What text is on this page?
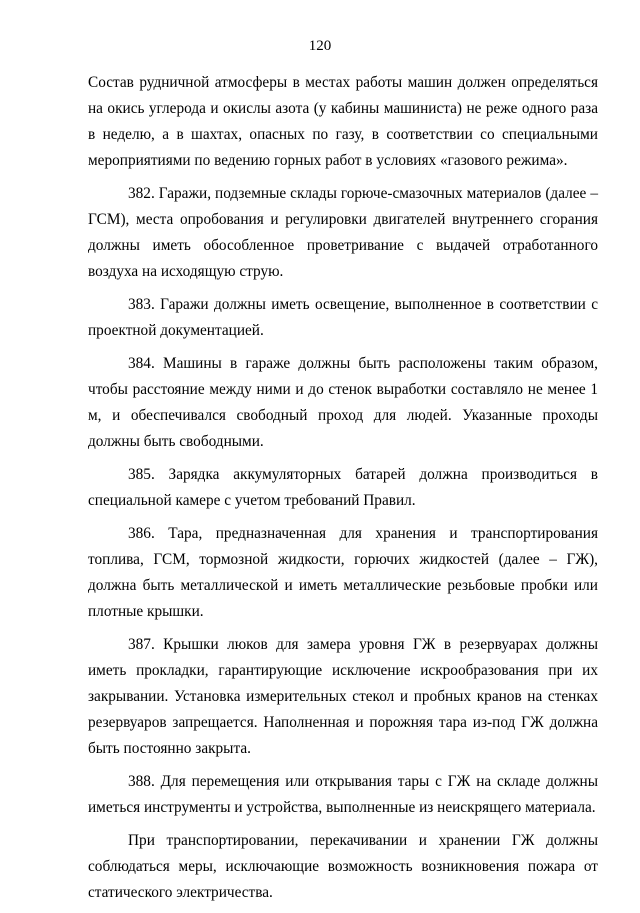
120

Состав рудничной атмосферы в местах работы машин должен определяться на окись углерода и окислы азота (у кабины машиниста) не реже одного раза в неделю, а в шахтах, опасных по газу, в соответствии со специальными мероприятиями по ведению горных работ в условиях «газового режима».

382. Гаражи, подземные склады горюче-смазочных материалов (далее – ГСМ), места опробования и регулировки двигателей внутреннего сгорания должны иметь обособленное проветривание с выдачей отработанного воздуха на исходящую струю.

383. Гаражи должны иметь освещение, выполненное в соответствии с проектной документацией.

384. Машины в гараже должны быть расположены таким образом, чтобы расстояние между ними и до стенок выработки составляло не менее 1 м, и обеспечивался свободный проход для людей. Указанные проходы должны быть свободными.

385. Зарядка аккумуляторных батарей должна производиться в специальной камере с учетом требований Правил.

386. Тара, предназначенная для хранения и транспортирования топлива, ГСМ, тормозной жидкости, горючих жидкостей (далее – ГЖ), должна быть металлической и иметь металлические резьбовые пробки или плотные крышки.

387. Крышки люков для замера уровня ГЖ в резервуарах должны иметь прокладки, гарантирующие исключение искрообразования при их закрывании. Установка измерительных стекол и пробных кранов на стенках резервуаров запрещается. Наполненная и порожняя тара из-под ГЖ должна быть постоянно закрыта.

388. Для перемещения или открывания тары с ГЖ на складе должны иметься инструменты и устройства, выполненные из неискрящего материала.

При транспортировании, перекачивании и хранении ГЖ должны соблюдаться меры, исключающие возможность возникновения пожара от статического электричества.
